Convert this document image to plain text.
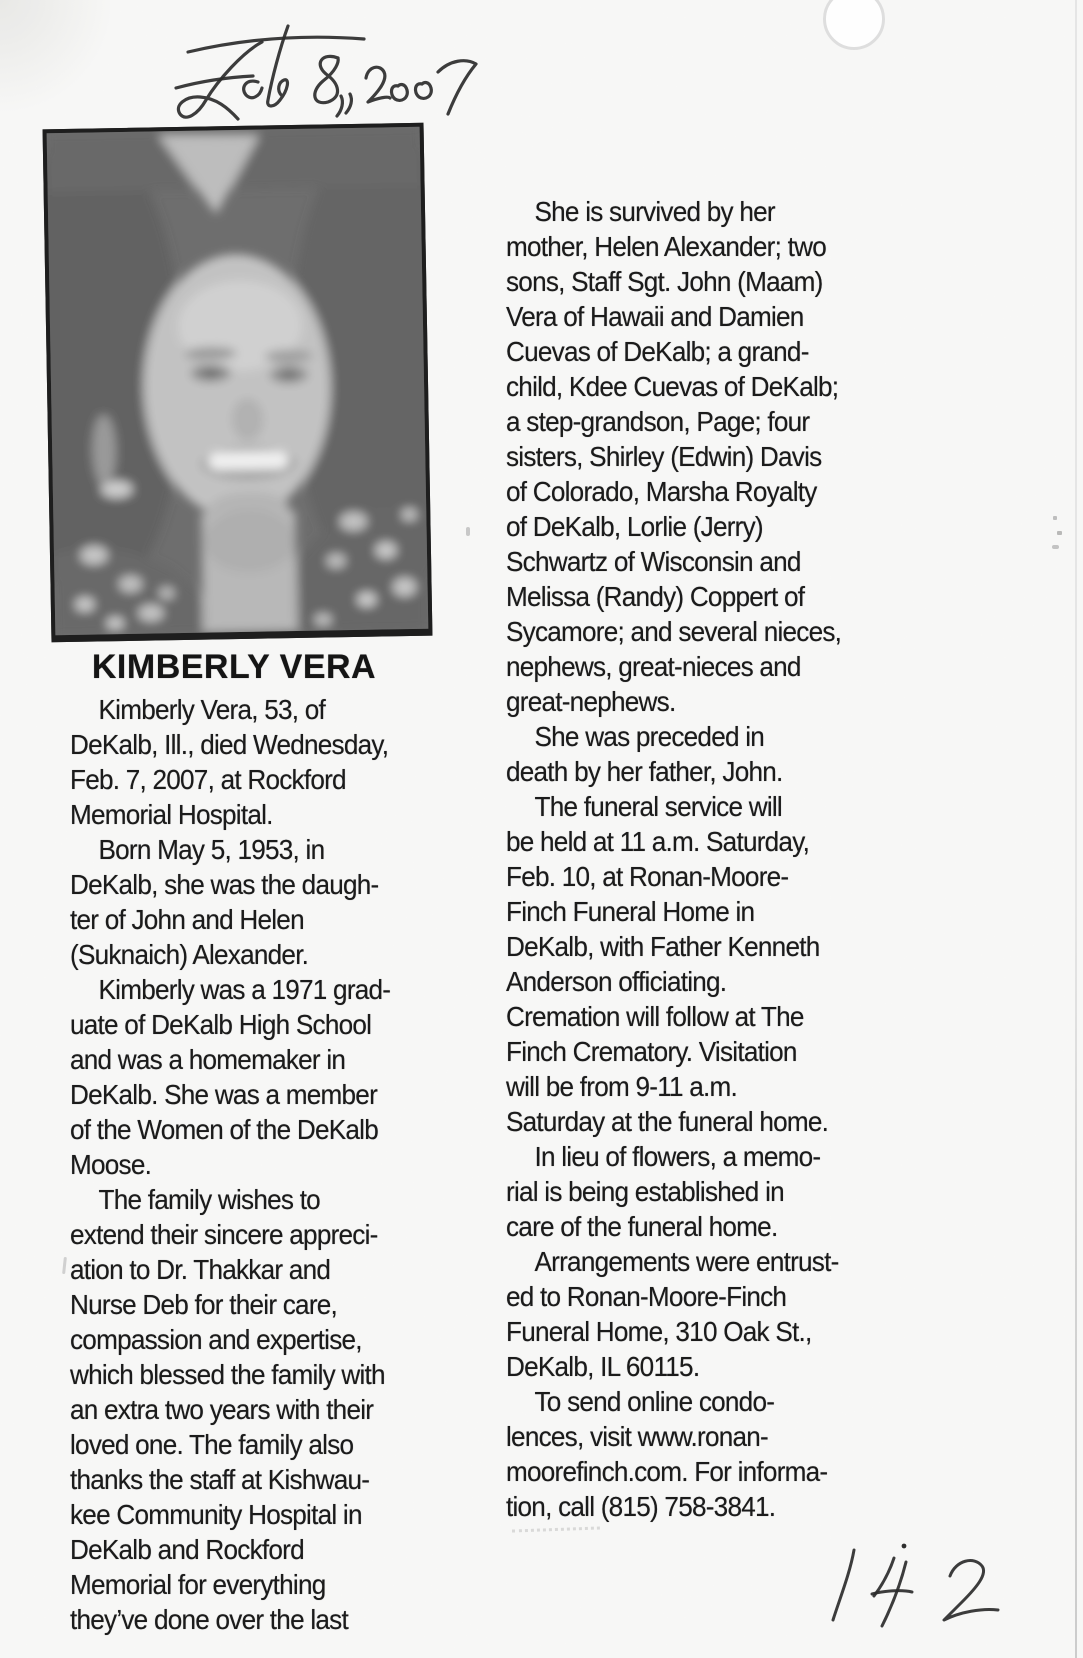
KIMBERLY VERA
Kimberly Vera, 53, of
DeKalb, Ill., died Wednesday,
Feb. 7, 2007, at Rockford
Memorial Hospital.
Born May 5, 1953, in
DeKalb, she was the daugh-
ter of John and Helen
(Suknaich) Alexander.
Kimberly was a 1971 grad-
uate of DeKalb High School
and was a homemaker in
DeKalb. She was a member
of the Women of the DeKalb
Moose.
The family wishes to
extend their sincere appreci-
ation to Dr. Thakkar and
Nurse Deb for their care,
compassion and expertise,
which blessed the family with
an extra two years with their
loved one. The family also
thanks the staff at Kishwau-
kee Community Hospital in
DeKalb and Rockford
Memorial for everything
they’ve done over the last
She is survived by her
mother, Helen Alexander; two
sons, Staff Sgt. John (Maam)
Vera of Hawaii and Damien
Cuevas of DeKalb; a grand-
child, Kdee Cuevas of DeKalb;
a step-grandson, Page; four
sisters, Shirley (Edwin) Davis
of Colorado, Marsha Royalty
of DeKalb, Lorlie (Jerry)
Schwartz of Wisconsin and
Melissa (Randy) Coppert of
Sycamore; and several nieces,
nephews, great-nieces and
great-nephews.
She was preceded in
death by her father, John.
The funeral service will
be held at 11 a.m. Saturday,
Feb. 10, at Ronan-Moore-
Finch Funeral Home in
DeKalb, with Father Kenneth
Anderson officiating.
Cremation will follow at The
Finch Crematory. Visitation
will be from 9-11 a.m.
Saturday at the funeral home.
In lieu of flowers, a memo-
rial is being established in
care of the funeral home.
Arrangements were entrust-
ed to Ronan-Moore-Finch
Funeral Home, 310 Oak St.,
DeKalb, IL 60115.
To send online condo-
lences, visit www.ronan-
moorefinch.com. For informa-
tion, call (815) 758-3841.
